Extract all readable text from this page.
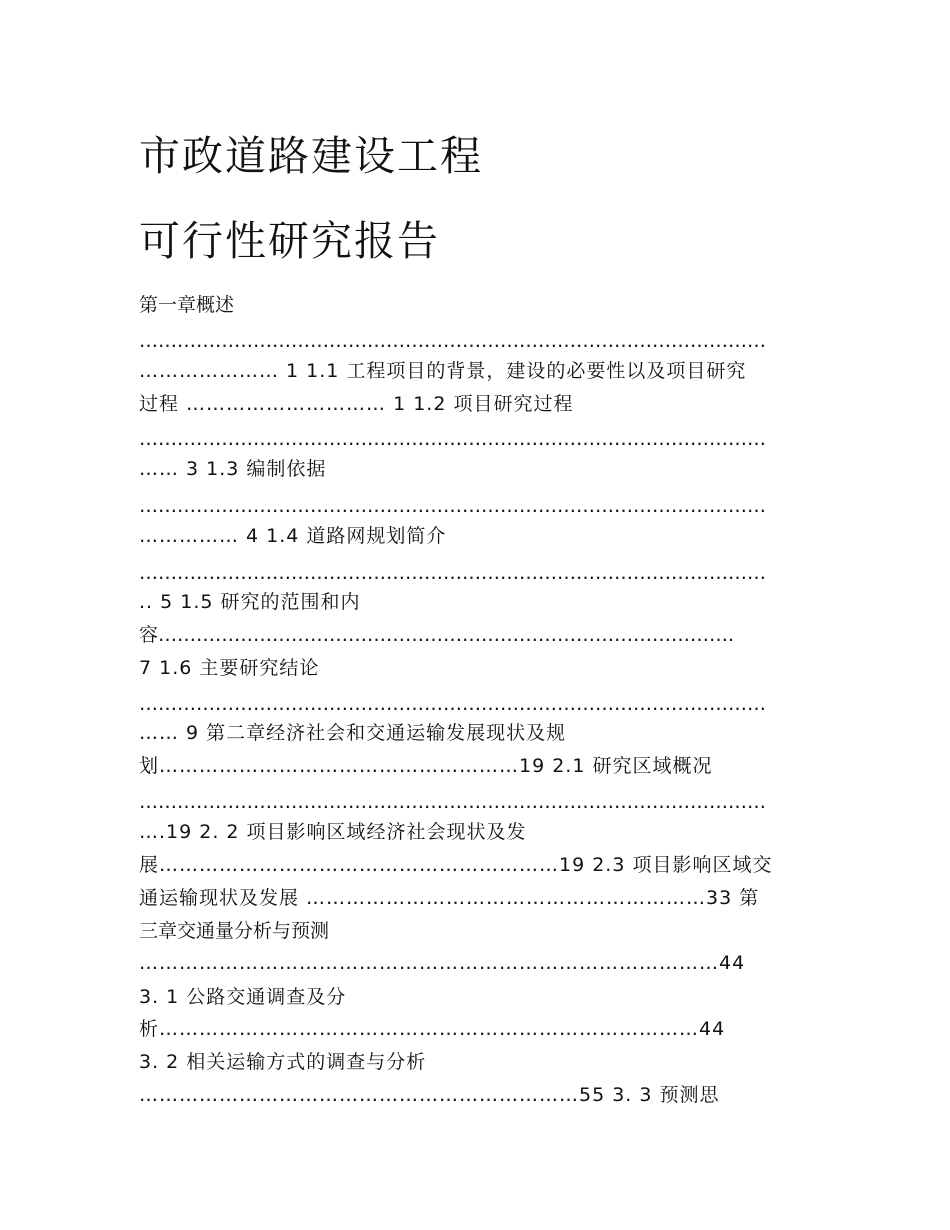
市政道路建设工程
可行性研究报告
第一章概述
………………………………………………………………………………………
………………… 1 1.1 工程项目的背景，建设的必要性以及项目研究
过程 ………………………… 1 1.2 项目研究过程
………………………………………………………………………………………
…… 3 1.3 编制依据
………………………………………………………………………………………
…………… 4 1.4 道路网规划简介
………………………………………………………………………………………
.. 5 1.5 研究的范围和内
容……………………………………………………………………………….
7 1.6 主要研究结论
………………………………………………………………………………………
…… 9 第二章经济社会和交通运输发展现状及规
划………………………………………………19 2.1 研究区域概况
………………………………………………………………………………………
….19 2. 2 项目影响区域经济社会现状及发
展……………………………………………………19 2.3 项目影响区域交
通运输现状及发展 ……………………………………………………33 第
三章交通量分析与预测
……………………………………………………………………………44
3. 1 公路交通调查及分
析………………………………………………………………………44
3. 2 相关运输方式的调查与分析
…………………………………………………………55 3. 3 预测思
